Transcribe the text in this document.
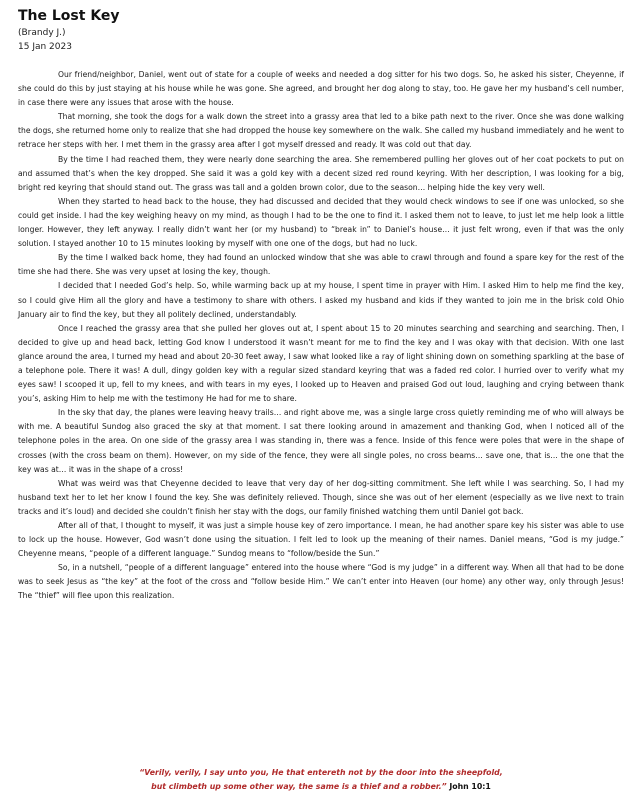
The Lost Key

(Brandy J.)

15 Jan 2023

Our friend/neighbor, Daniel, went out of state for a couple of weeks and needed a dog sitter for his two dogs. So, he asked his sister, Cheyenne, if she could do this by just staying at his house while he was gone. She agreed, and brought her dog along to stay, too. He gave her my husband’s cell number, in case there were any issues that arose with the house.

That morning, she took the dogs for a walk down the street into a grassy area that led to a bike path next to the river. Once she was done walking the dogs, she returned home only to realize that she had dropped the house key somewhere on the walk. She called my husband immediately and he went to retrace her steps with her. I met them in the grassy area after I got myself dressed and ready. It was cold out that day.

By the time I had reached them, they were nearly done searching the area. She remembered pulling her gloves out of her coat pockets to put on and assumed that’s when the key dropped. She said it was a gold key with a decent sized red round keyring. With her description, I was looking for a big, bright red keyring that should stand out. The grass was tall and a golden brown color, due to the season… helping hide the key very well.

When they started to head back to the house, they had discussed and decided that they would check windows to see if one was unlocked, so she could get inside. I had the key weighing heavy on my mind, as though I had to be the one to find it. I asked them not to leave, to just let me help look a little longer. However, they left anyway. I really didn’t want her (or my husband) to “break in” to Daniel’s house… it just felt wrong, even if that was the only solution. I stayed another 10 to 15 minutes looking by myself with one one of the dogs, but had no luck.

By the time I walked back home, they had found an unlocked window that she was able to crawl through and found a spare key for the rest of the time she had there. She was very upset at losing the key, though.

I decided that I needed God’s help. So, while warming back up at my house, I spent time in prayer with Him. I asked Him to help me find the key, so I could give Him all the glory and have a testimony to share with others. I asked my husband and kids if they wanted to join me in the brisk cold Ohio January air to find the key, but they all politely declined, understandably.

Once I reached the grassy area that she pulled her gloves out at, I spent about 15 to 20 minutes searching and searching and searching. Then, I decided to give up and head back, letting God know I understood it wasn’t meant for me to find the key and I was okay with that decision. With one last glance around the area, I turned my head and about 20-30 feet away, I saw what looked like a ray of light shining down on something sparkling at the base of a telephone pole. There it was! A dull, dingy golden key with a regular sized standard keyring that was a faded red color. I hurried over to verify what my eyes saw! I scooped it up, fell to my knees, and with tears in my eyes, I looked up to Heaven and praised God out loud, laughing and crying between thank you’s, asking Him to help me with the testimony He had for me to share.

In the sky that day, the planes were leaving heavy trails… and right above me, was a single large cross quietly reminding me of who will always be with me. A beautiful Sundog also graced the sky at that moment. I sat there looking around in amazement and thanking God, when I noticed all of the telephone poles in the area. On one side of the grassy area I was standing in, there was a fence. Inside of this fence were poles that were in the shape of crosses (with the cross beam on them). However, on my side of the fence, they were all single poles, no cross beams… save one, that is… the one that the key was at… it was in the shape of a cross!

What was weird was that Cheyenne decided to leave that very day of her dog-sitting commitment. She left while I was searching. So, I had my husband text her to let her know I found the key. She was definitely relieved. Though, since she was out of her element (especially as we live next to train tracks and it’s loud) and decided she couldn’t finish her stay with the dogs, our family finished watching them until Daniel got back.

After all of that, I thought to myself, it was just a simple house key of zero importance. I mean, he had another spare key his sister was able to use to lock up the house. However, God wasn’t done using the situation. I felt led to look up the meaning of their names. Daniel means, “God is my judge.” Cheyenne means, “people of a different language.” Sundog means to “follow/beside the Sun.”

So, in a nutshell, “people of a different language” entered into the house where “God is my judge” in a different way. When all that had to be done was to seek Jesus as “the key” at the foot of the cross and “follow beside Him.” We can’t enter into Heaven (our home) any other way, only through Jesus! The “thief” will flee upon this realization.

“Verily, verily, I say unto you, He that entereth not by the door into the sheepfold,
but climbeth up some other way, the same is a thief and a robber.” John 10:1
